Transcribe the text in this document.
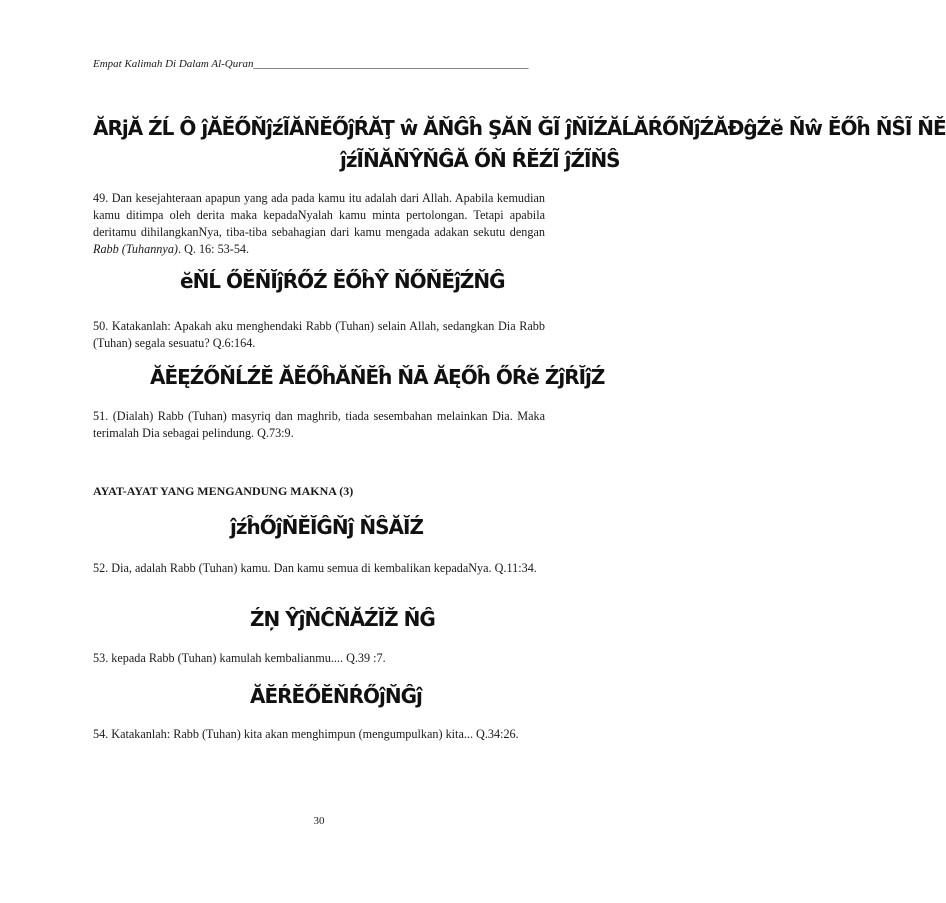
Empat Kalimah Di Dalam Al-Quran__________________________________________________
ĂRjĂ ŹĹ Ô ĵĂĔŐŇĵźĨĂŇĔŐĵŔĂŢ ŵ ĂŇĜĥ ŞĂŇ ĞĨ ĵŇĬŹĂĹĂŔŐŇĵŹĂĐĝŹĕ Ňŵ ĔŐĥ ŇŜĨ ŇĚ
ĵźĨŇĂŇŶŇĜĂ ŐŇ ŔĔŹĨ ĵŹĨŇŜ
49. Dan kesejahteraan apapun yang ada pada kamu itu adalah dari Allah. Apabila kemudian kamu ditimpa oleh derita maka kepadaNyalah kamu minta pertolongan. Tetapi apabila deritamu dihilangkanNya, tiba-tiba sebahagian dari kamu mengada adakan sekutu dengan Rabb (Tuhannya). Q. 16: 53-54.
ĕŇĹ ŐĚŇĬĵŔŐŹ ĔŐĥŶ ŇŐŇĚĵŹŇĜ
50. Katakanlah: Apakah aku menghendaki Rabb (Tuhan) selain Allah, sedangkan Dia Rabb (Tuhan) segala sesuatu? Q.6:164.
ĂĔĘŹŐŇĹŹĔ ĂĔŐĥĂŇĔĥ ŇĀ ĂĘŐĥ ŐŔĕ ŹĵŔĬĵŹ
51. (Dialah) Rabb (Tuhan) masyriq dan maghrib, tiada sesembahan melainkan Dia. Maka terimalah Dia sebagai pelindung. Q.73:9.
AYAT-AYAT YANG MENGANDUNG MAKNA (3)
ĵźĥŐĵŇĔĬĜŇĵ ŇŜĂĬŹ
52. Dia, adalah Rabb (Tuhan) kamu. Dan kamu semua di kembalikan kepadaNya. Q.11:34.
ŹŅ ŶĵŇĈŇĂŹĬŽ ŇĜ
53. kepada Rabb (Tuhan) kamulah kembalianmu.... Q.39 :7.
ĂĔŔĔŐĔŇŔŐĵŇĜĵ
54. Katakanlah: Rabb (Tuhan) kita akan menghimpun (mengumpulkan) kita... Q.34:26.
30
